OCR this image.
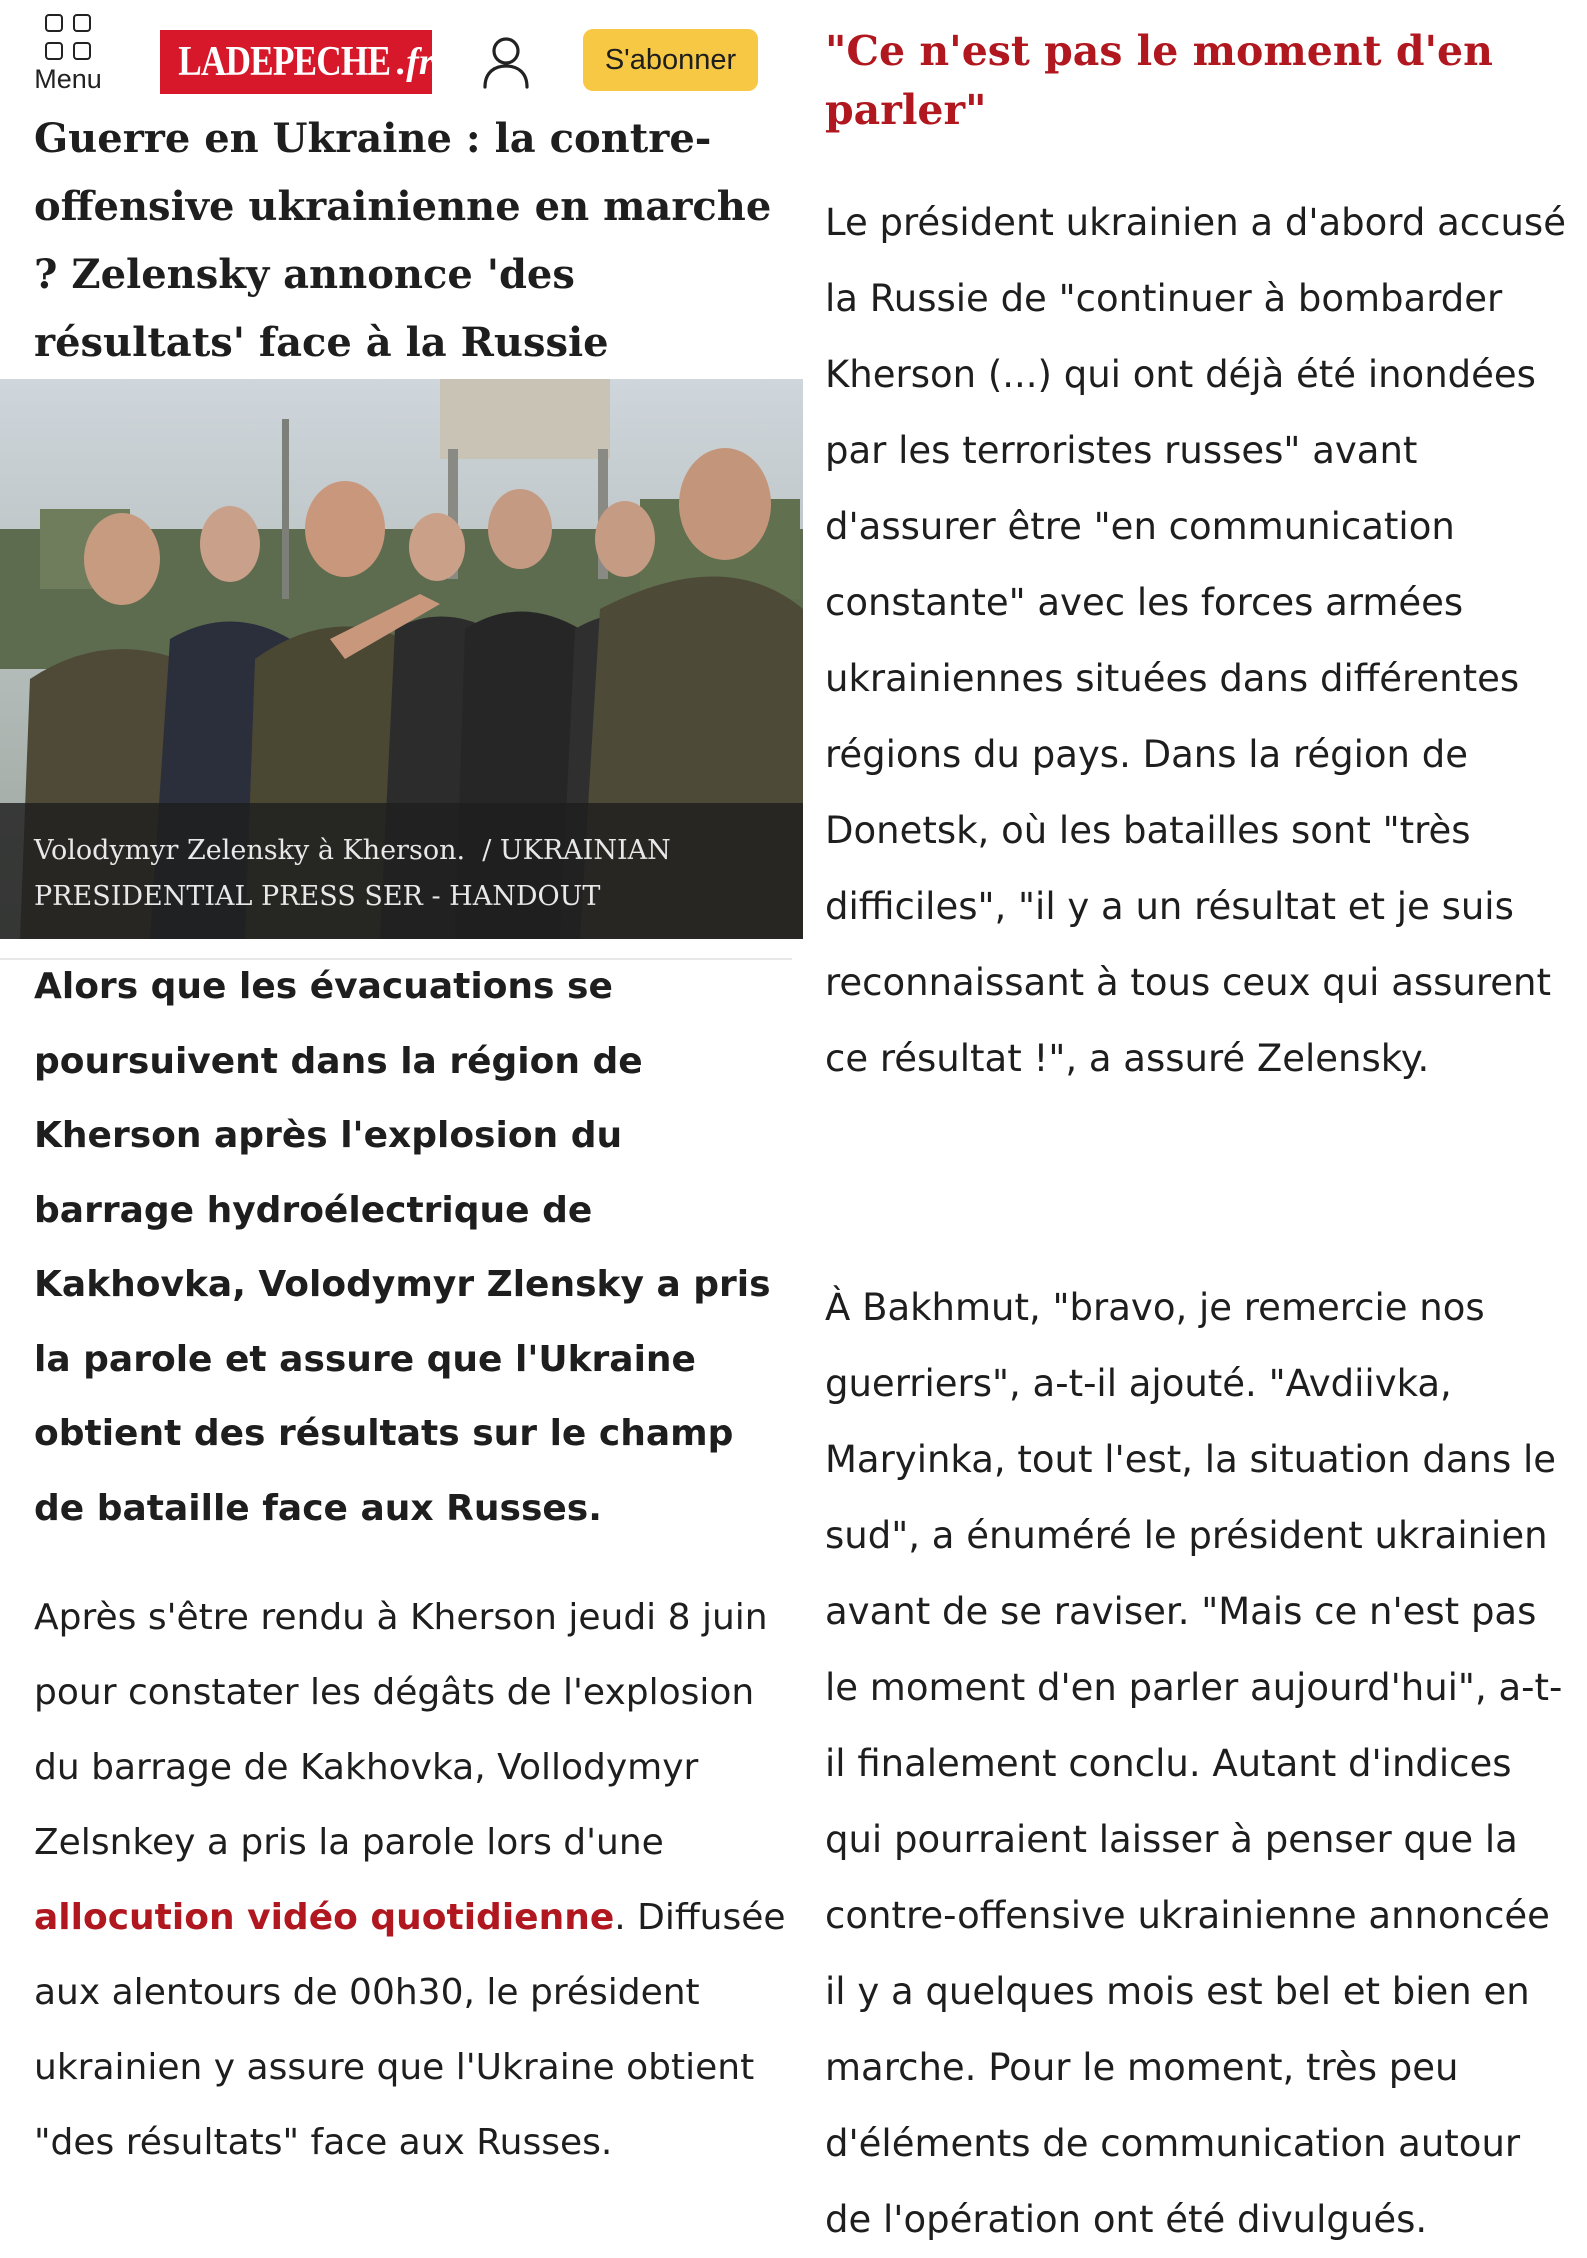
Menu LADEPECHE .fr	S'abonner
Guerre en Ukraine : la contre-offensive ukrainienne en marche ? Zelensky annonce 'des résultats' face à la Russie
Volodymyr Zelensky à Kherson. / UKRAINIAN PRESIDENTIAL PRESS SER - HANDOUT

Alors que les évacuations se poursuivent dans la région de Kherson après l'explosion du barrage hydroélectrique de Kakhovka, Volodymyr Zlensky a pris la parole et assure que l'Ukraine obtient des résultats sur le champ de bataille face aux Russes.

Après s'être rendu à Kherson jeudi 8 juin pour constater les dégâts de l'explosion du barrage de Kakhovka, Vollodymyr Zelsnkey a pris la parole lors d'une allocution vidéo quotidienne. Diffusée aux alentours de 00h30, le président ukrainien y assure que l'Ukraine obtient "des résultats" face aux Russes.

"Ce n'est pas le moment d'en parler"

Le président ukrainien a d'abord accusé la Russie de "continuer à bombarder Kherson (...) qui ont déjà été inondées par les terroristes russes" avant d'assurer être "en communication constante" avec les forces armées ukrainiennes situées dans différentes régions du pays. Dans la région de Donetsk, où les batailles sont "très difficiles", "il y a un résultat et je suis reconnaissant à tous ceux qui assurent ce résultat !", a assuré Zelensky.

À Bakhmut, "bravo, je remercie nos guerriers", a-t-il ajouté. "Avdiivka, Maryinka, tout l'est, la situation dans le sud", a énuméré le président ukrainien avant de se raviser. "Mais ce n'est pas le moment d'en parler aujourd'hui", a-t-il finalement conclu. Autant d'indices qui pourraient laisser à penser que la contre-offensive ukrainienne annoncée il y a quelques mois est bel et bien en marche. Pour le moment, très peu d'éléments de communication autour de l'opération ont été divulgués.
